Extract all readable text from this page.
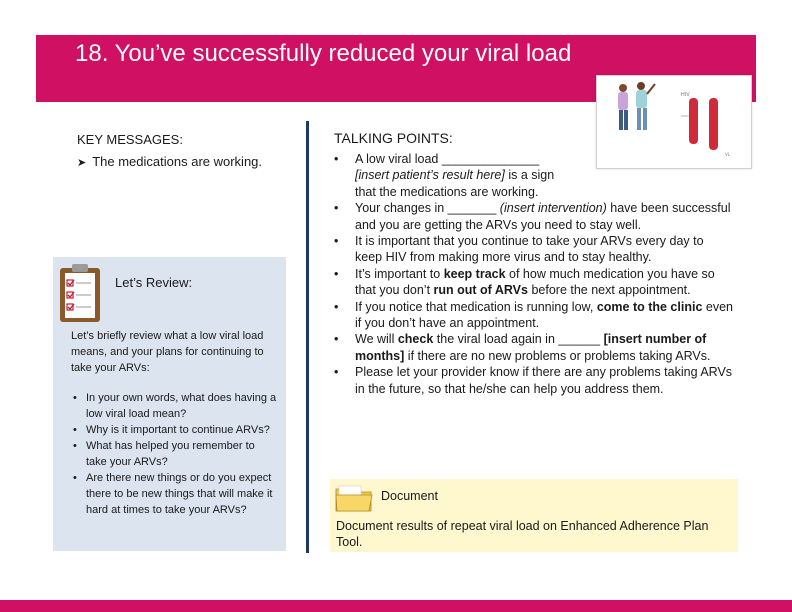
18. You’ve successfully reduced your viral load
HIV
VL
KEY MESSAGES:
➤ The medications are working.
Let’s Review:
Let’s briefly review what a low viral load means, and your plans for continuing to take your ARVs:
• In your own words, what does having a low viral load mean?
• Why is it important to continue ARVs?
• What has helped you remember to take your ARVs?
• Are there new things or do you expect there to be new things that will make it hard at times to take your ARVs?
TALKING POINTS:
• A low viral load ______________ [insert patient’s result here] is a sign that the medications are working.
• Your changes in _______ (insert intervention) have been successful and you are getting the ARVs you need to stay well.
• It is important that you continue to take your ARVs every day to keep HIV from making more virus and to stay healthy.
• It’s important to keep track of how much medication you have so that you don’t run out of ARVs before the next appointment.
• If you notice that medication is running low, come to the clinic even if you don’t have an appointment.
• We will check the viral load again in ______ [insert number of months] if there are no new problems or problems taking ARVs.
• Please let your provider know if there are any problems taking ARVs in the future, so that he/she can help you address them.
Document
Document results of repeat viral load on Enhanced Adherence Plan Tool.
